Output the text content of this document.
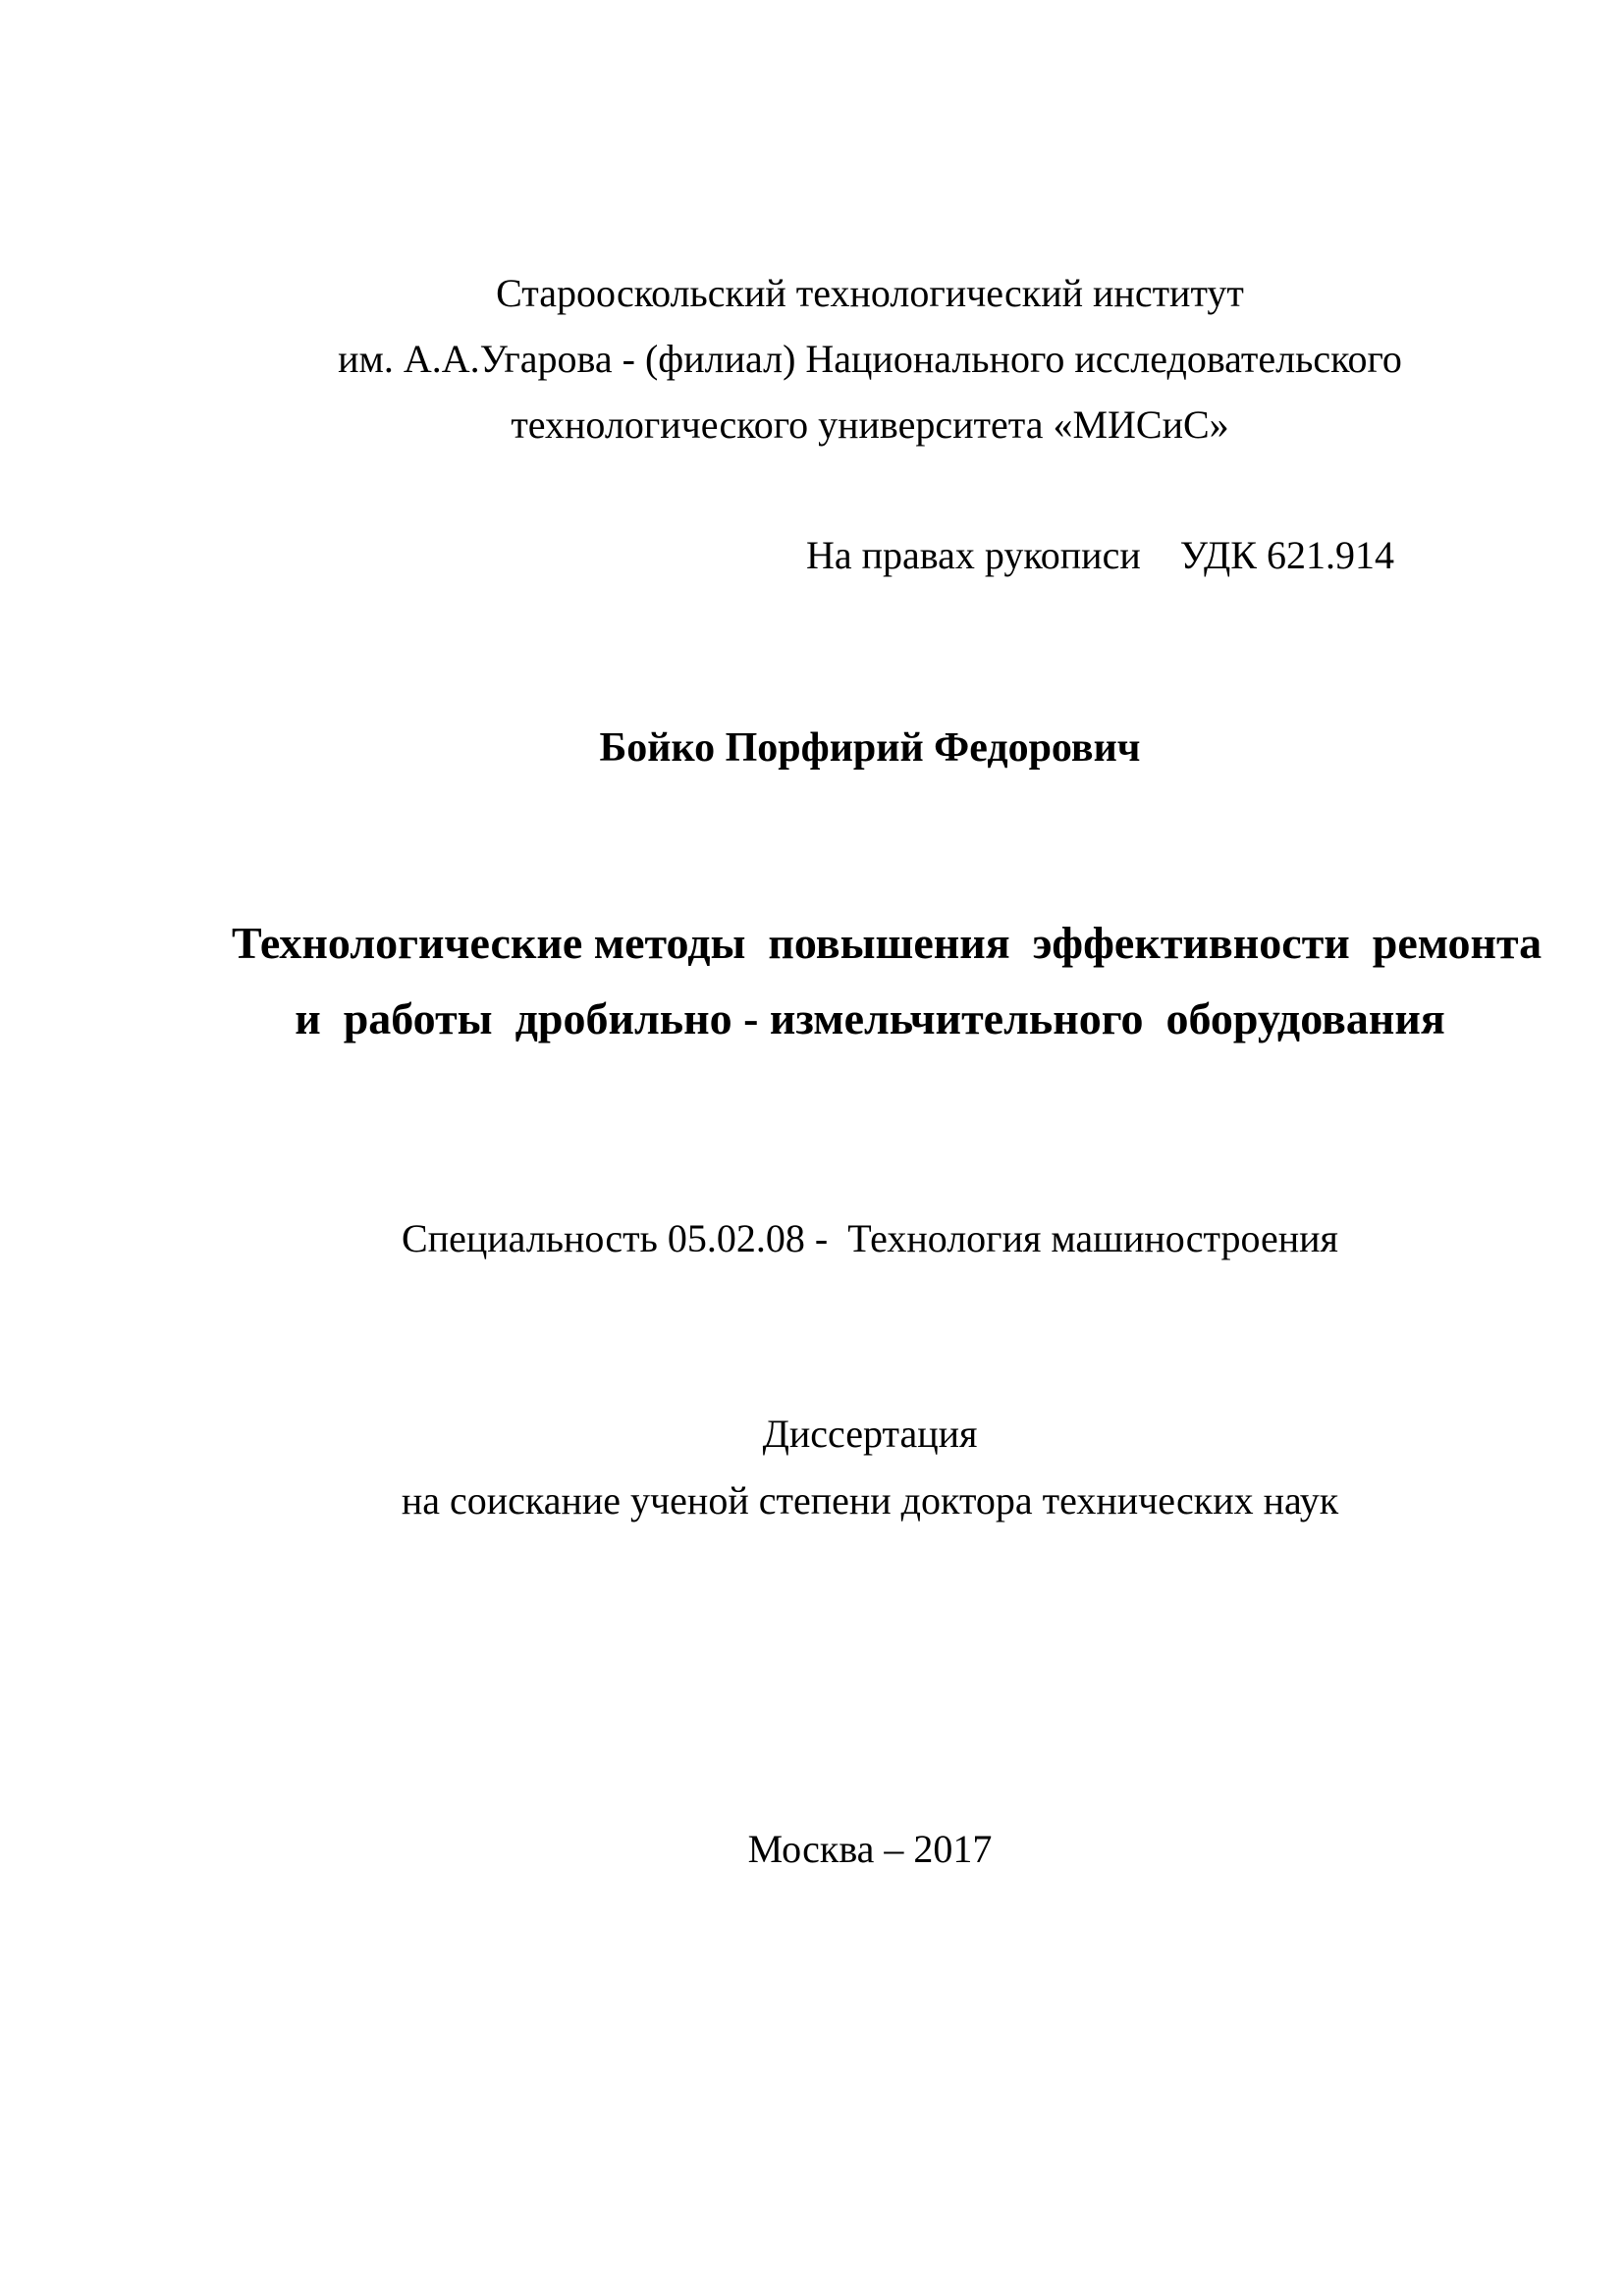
Старооскольский технологический институт
им. А.А.Угарова - (филиал) Национального исследовательского
технологического университета «МИСиС»
На правах рукописи    УДК 621.914
Бойко Порфирий Федорович
Технологические методы  повышения  эффективности  ремонта
и  работы  дробильно - измельчительного  оборудования
Специальность 05.02.08 -  Технология машиностроения
Диссертация
на соискание ученой степени доктора технических наук
Москва – 2017
